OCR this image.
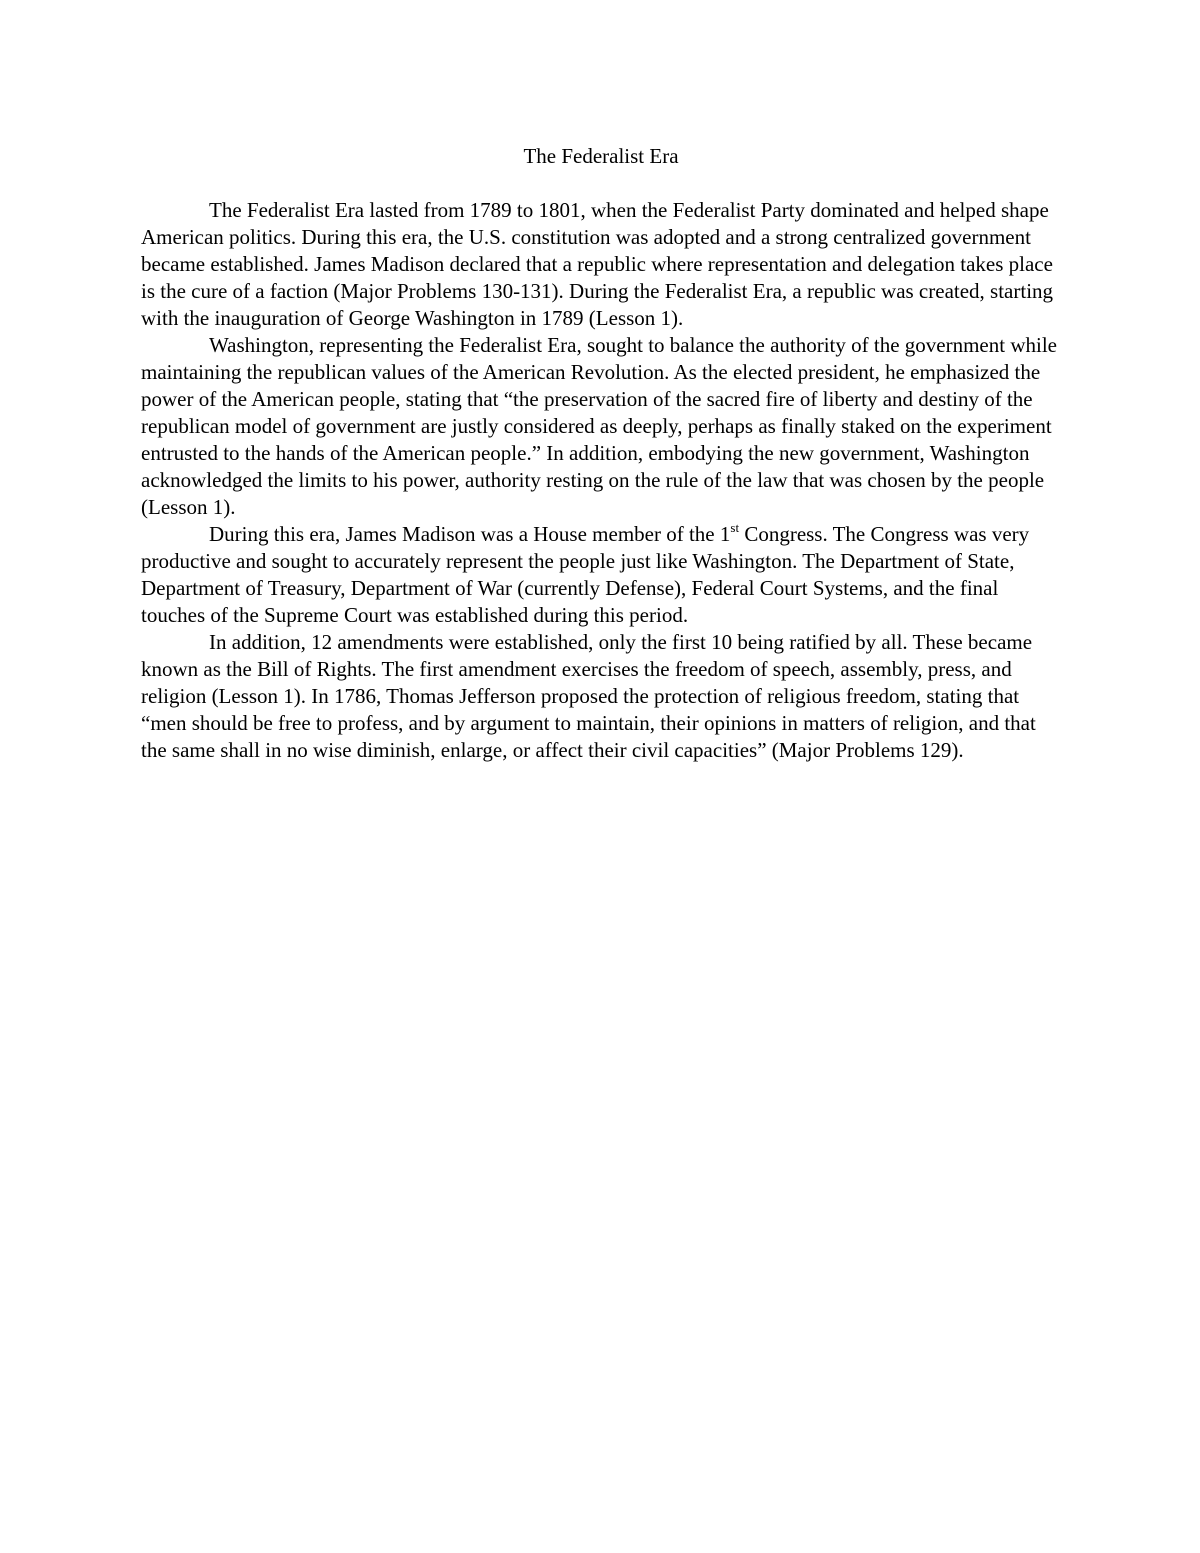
The Federalist Era

The Federalist Era lasted from 1789 to 1801, when the Federalist Party dominated and helped shape American politics. During this era, the U.S. constitution was adopted and a strong centralized government became established. James Madison declared that a republic where representation and delegation takes place is the cure of a faction (Major Problems 130-131). During the Federalist Era, a republic was created, starting with the inauguration of George Washington in 1789 (Lesson 1).

Washington, representing the Federalist Era, sought to balance the authority of the government while maintaining the republican values of the American Revolution. As the elected president, he emphasized the power of the American people, stating that “the preservation of the sacred fire of liberty and destiny of the republican model of government are justly considered as deeply, perhaps as finally staked on the experiment entrusted to the hands of the American people.” In addition, embodying the new government, Washington acknowledged the limits to his power, authority resting on the rule of the law that was chosen by the people (Lesson 1).

During this era, James Madison was a House member of the 1st Congress. The Congress was very productive and sought to accurately represent the people just like Washington. The Department of State, Department of Treasury, Department of War (currently Defense), Federal Court Systems, and the final touches of the Supreme Court was established during this period.

In addition, 12 amendments were established, only the first 10 being ratified by all. These became known as the Bill of Rights. The first amendment exercises the freedom of speech, assembly, press, and religion (Lesson 1). In 1786, Thomas Jefferson proposed the protection of religious freedom, stating that “men should be free to profess, and by argument to maintain, their opinions in matters of religion, and that the same shall in no wise diminish, enlarge, or affect their civil capacities” (Major Problems 129).
